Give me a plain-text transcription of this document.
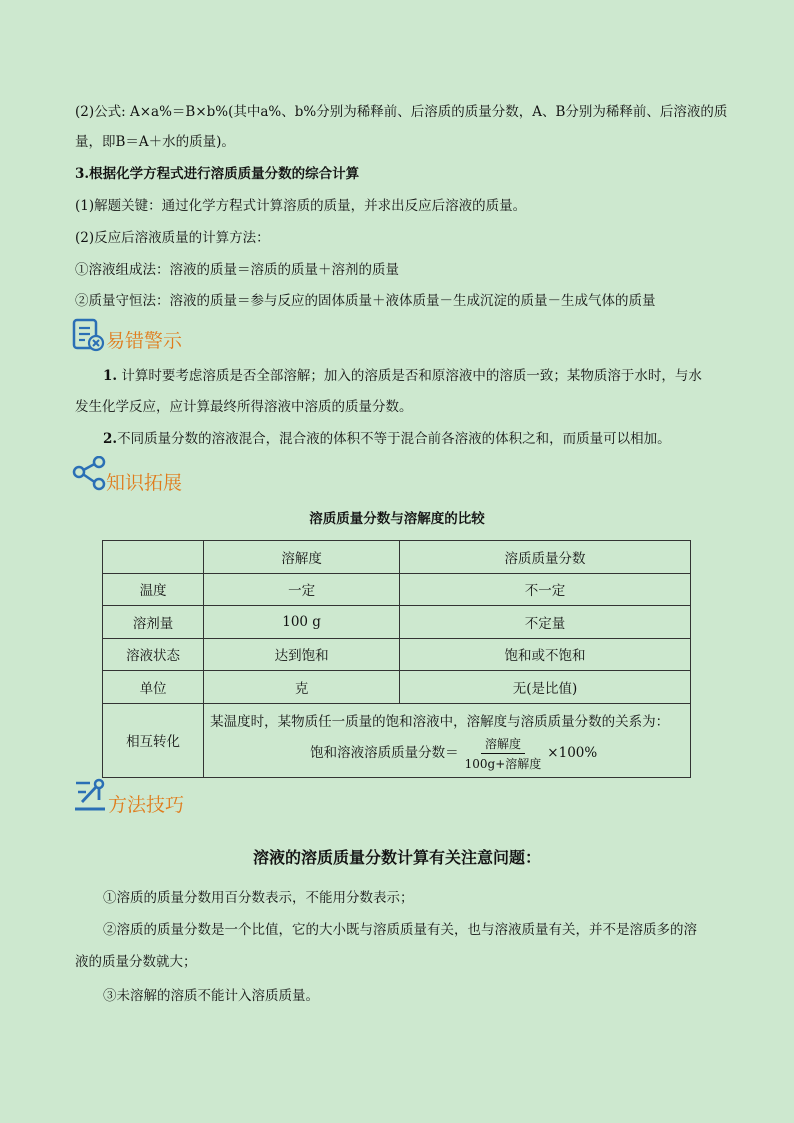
(2)公式: A×a%＝B×b%(其中a%、b%分别为稀释前、后溶质的质量分数，A、B分别为稀释前、后溶液的质
量，即B＝A＋水的质量)。
3.根据化学方程式进行溶质质量分数的综合计算
(1)解题关键：通过化学方程式计算溶质的质量，并求出反应后溶液的质量。
(2)反应后溶液质量的计算方法：
①溶液组成法：溶液的质量＝溶质的质量＋溶剂的质量
②质量守恒法：溶液的质量＝参与反应的固体质量＋液体质量－生成沉淀的质量－生成气体的质量
易错警示
1. 计算时要考虑溶质是否全部溶解；加入的溶质是否和原溶液中的溶质一致；某物质溶于水时，与水
发生化学反应，应计算最终所得溶液中溶质的质量分数。
2.不同质量分数的溶液混合，混合液的体积不等于混合前各溶液的体积之和，而质量可以相加。
知识拓展
溶质质量分数与溶解度的比较
	溶解度	溶质质量分数
温度	一定	不一定
溶剂量	100 g	不定量
溶液状态	达到饱和	饱和或不饱和
单位	克	无(是比值)
相互转化	某温度时，某物质任一质量的饱和溶液中，溶解度与溶质质量分数的关系为：
饱和溶液溶质质量分数＝ $\frac{\text{溶解度}}{\text{100g+溶解度}} \times 100\%$	
方法技巧
溶液的溶质质量分数计算有关注意问题：
①溶质的质量分数用百分数表示，不能用分数表示；
②溶质的质量分数是一个比值，它的大小既与溶质质量有关，也与溶液质量有关，并不是溶质多的溶
液的质量分数就大；
③未溶解的溶质不能计入溶质质量。
